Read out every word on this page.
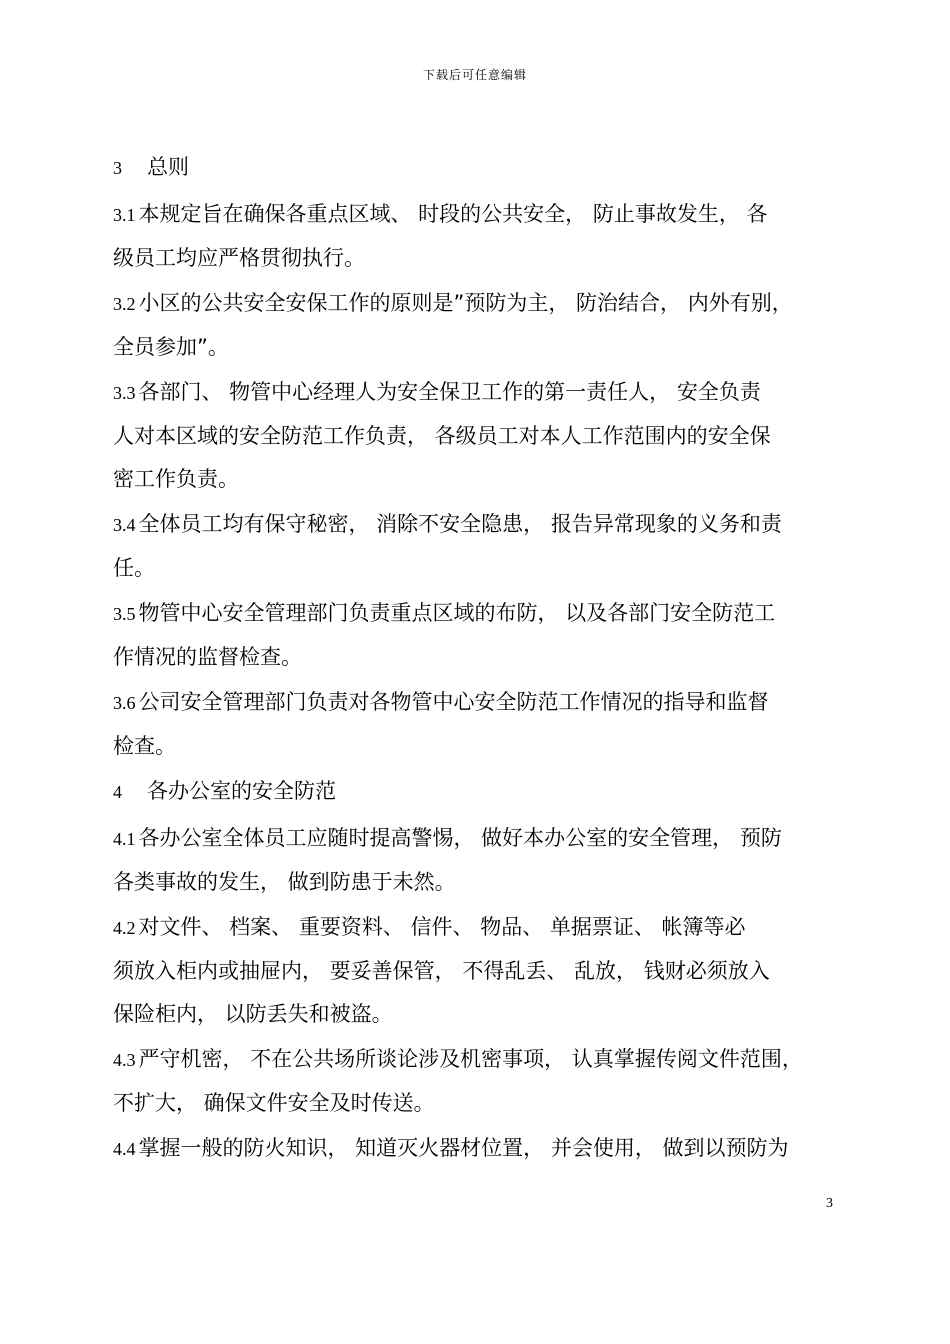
下载后可任意编辑
3 总则
3.1 本规定旨在确保各重点区域、 时段的公共安全， 防止事故发生， 各
级员工均应严格贯彻执行。
3.2 小区的公共安全安保工作的原则是”预防为主， 防治结合， 内外有别，
全员参加”。
3.3 各部门、 物管中心经理人为安全保卫工作的第一责任人， 安全负责
人对本区域的安全防范工作负责， 各级员工对本人工作范围内的安全保
密工作负责。
3.4 全体员工均有保守秘密， 消除不安全隐患， 报告异常现象的义务和责
任。
3.5 物管中心安全管理部门负责重点区域的布防， 以及各部门安全防范工
作情况的监督检查。
3.6 公司安全管理部门负责对各物管中心安全防范工作情况的指导和监督
检查。
4 各办公室的安全防范
4.1 各办公室全体员工应随时提高警惕， 做好本办公室的安全管理， 预防
各类事故的发生， 做到防患于未然。
4.2 对文件、 档案、 重要资料、 信件、 物品、 单据票证、 帐簿等必
须放入柜内或抽屉内， 要妥善保管， 不得乱丢、 乱放， 钱财必须放入
保险柜内， 以防丢失和被盗。
4.3 严守机密， 不在公共场所谈论涉及机密事项， 认真掌握传阅文件范围，
不扩大， 确保文件安全及时传送。
4.4 掌握一般的防火知识， 知道灭火器材位置， 并会使用， 做到以预防为
3
